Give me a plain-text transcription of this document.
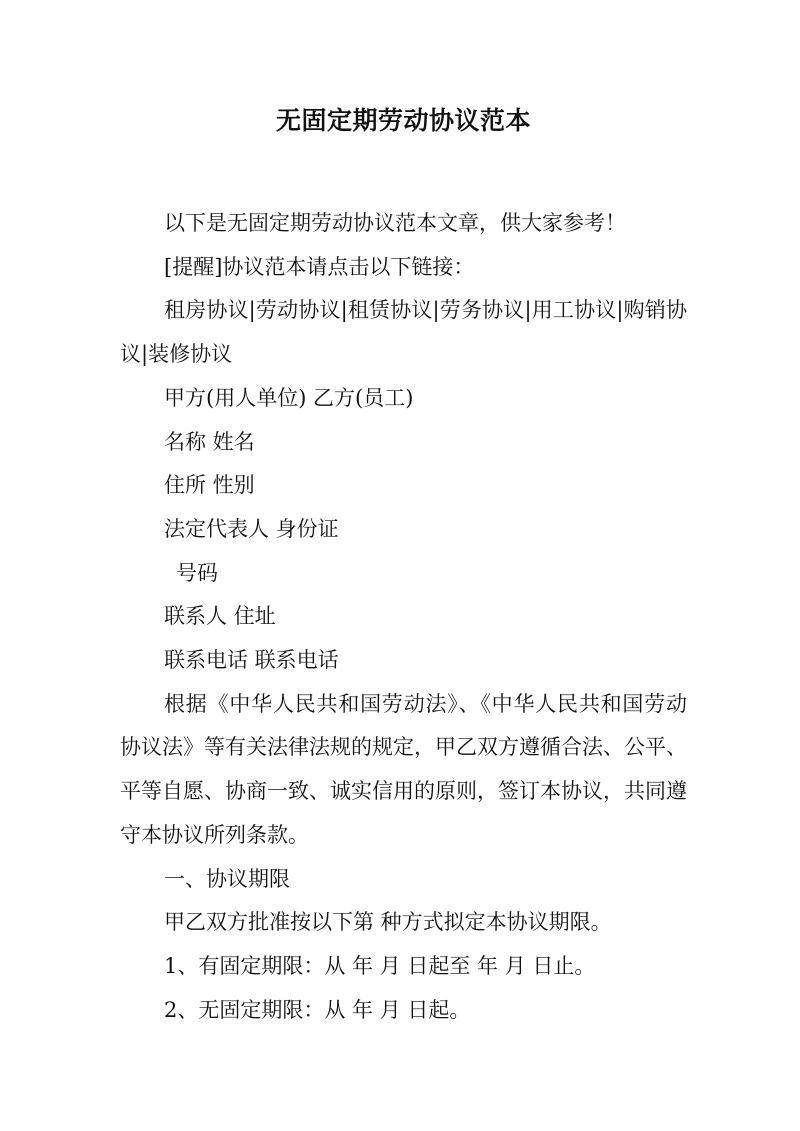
无固定期劳动协议范本

以下是无固定期劳动协议范本文章，供大家参考！

[提醒]协议范本请点击以下链接：

租房协议|劳动协议|租赁协议|劳务协议|用工协议|购销协议|装修协议

甲方(用人单位) 乙方(员工)

名称 姓名

住所 性别

法定代表人 身份证

号码

联系人 住址

联系电话 联系电话

根据《中华人民共和国劳动法》、《中华人民共和国劳动协议法》等有关法律法规的规定，甲乙双方遵循合法、公平、平等自愿、协商一致、诚实信用的原则，签订本协议，共同遵守本协议所列条款。

一、协议期限

甲乙双方批准按以下第 种方式拟定本协议期限。

1、有固定期限：从 年 月 日起至 年 月 日止。

2、无固定期限：从 年 月 日起。
